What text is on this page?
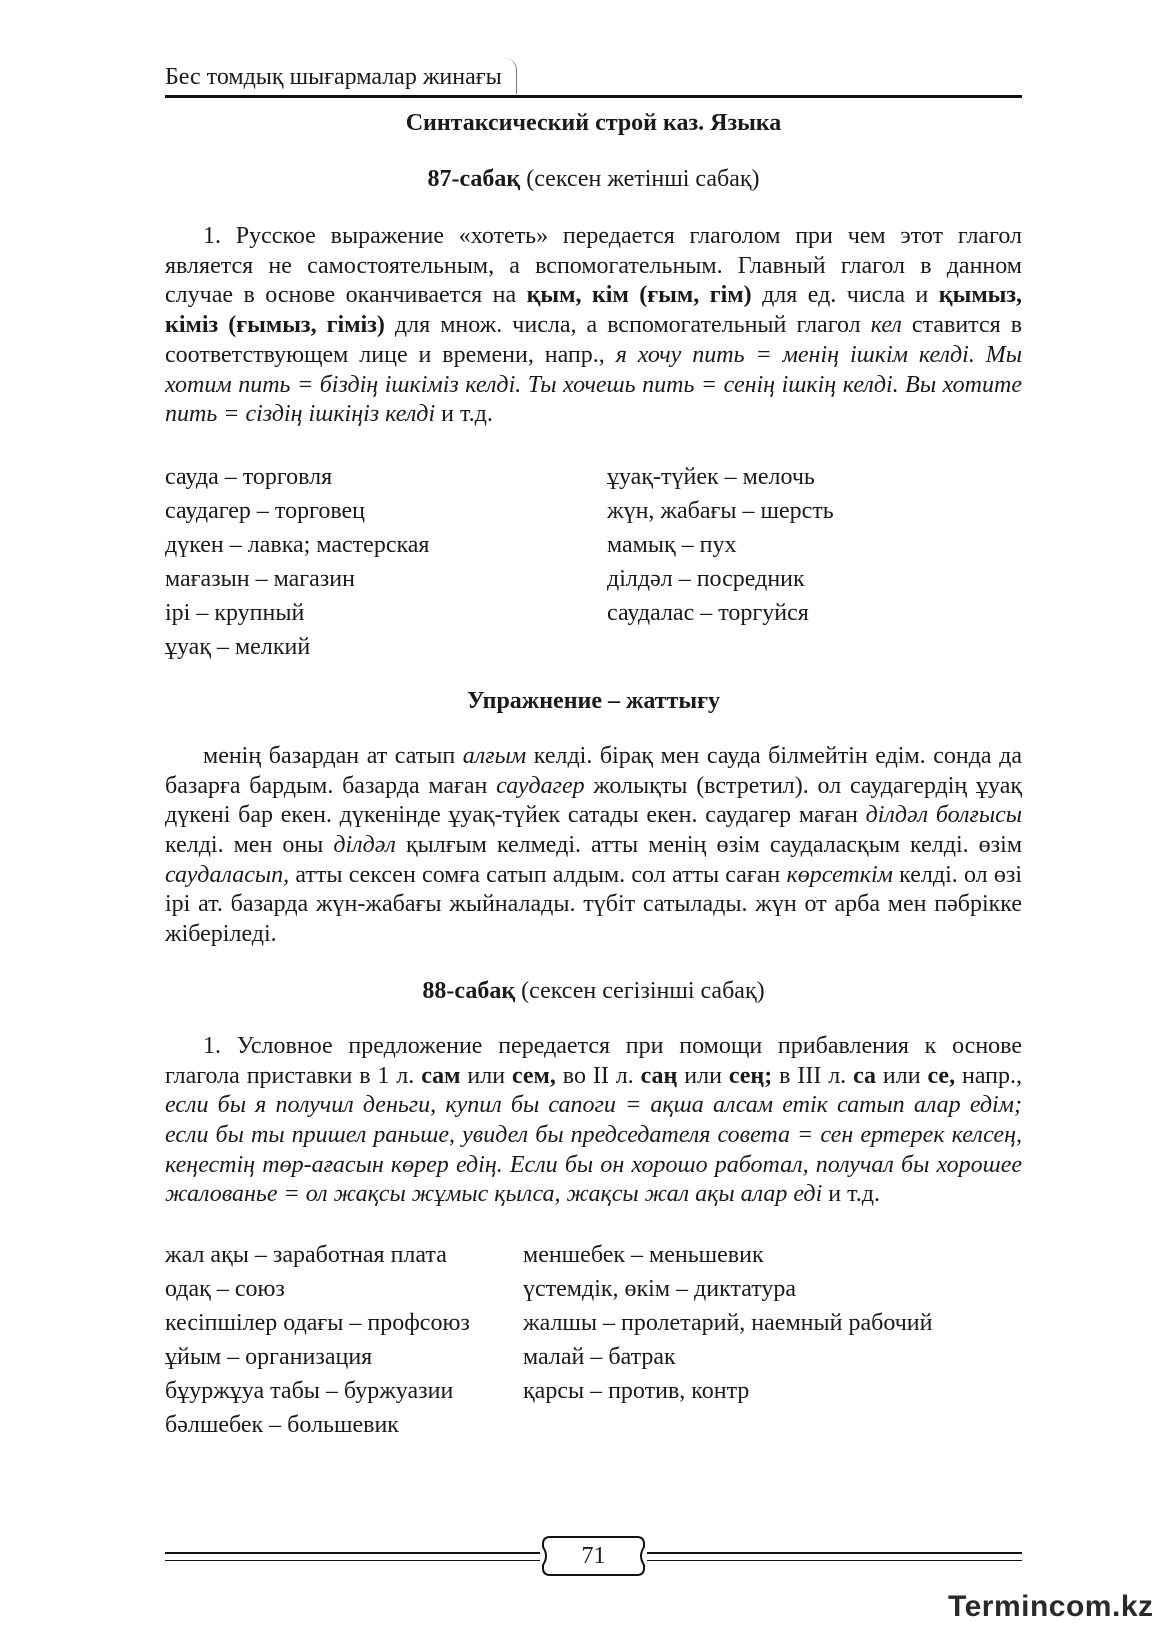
Бес томдық шығармалар жинағы

Синтаксический строй каз. Языка

87-сабақ (сексен жетінші сабақ)

1. Русское выражение «хотеть» передается глаголом при чем этот глагол является не самостоятельным, а вспомогательным. Главный глагол в данном случае в основе оканчивается на қым, кім (ғым, гім) для ед. числа и қымыз, кіміз (ғымыз, гіміз) для множ. числа, а вспомогательный глагол кел ставится в соответствующем лице и времени, напр., я хочу пить = менің ішкім келді. Мы хотим пить = біздің ішкіміз келді. Ты хочешь пить = сенің ішкің келді. Вы хотите пить = сіздің ішкіңіз келді и т.д.

сауда – торговля
саудагер – торговец
дүкен – лавка; мастерская
мағазын – магазин
ірі – крупный
ұуақ – мелкий
ұуақ-түйек – мелочь
жүн, жабағы – шерсть
мамық – пух
ділдәл – посредник
саудалас – торгуйся

Упражнение – жаттығу

менің базардан ат сатып алғым келді. бірақ мен сауда білмейтін едім. сонда да базарға бардым. базарда маған саудагер жолықты (встретил). ол саудагердің ұуақ дүкені бар екен. дүкенінде ұуақ-түйек сатады екен. саудагер маған ділдәл болғысы келді. мен оны ділдәл қылғым келмеді. атты менің өзім саудаласқым келді. өзім саудаласып, атты сексен сомға сатып алдым. сол атты саған көрсеткім келді. ол өзі ірі ат. базарда жүн-жабағы жыйналады. түбіт сатылады. жүн от арба мен пәбрікке жіберіледі.

88-сабақ (сексен сегізінші сабақ)

1. Условное предложение передается при помощи прибавления к основе глагола приставки в 1 л. сам или сем, во II л. саң или сең; в III л. са или се, напр., если бы я получил деньги, купил бы сапоги = ақша алсам етік сатып алар едім; если бы ты пришел раньше, увидел бы председателя совета = сен ертерек келсең, кеңестің төр-ағасын көрер едің. Если бы он хорошо работал, получал бы хорошее жалованье = ол жақсы жұмыс қылса, жақсы жал ақы алар еді и т.д.

жал ақы – заработная плата
одақ – союз
кесіпшілер одағы – профсоюз
ұйым – организация
бұуржұуа табы – буржуазии
бәлшебек – большевик
меншебек – меньшевик
үстемдік, өкім – диктатура
жалшы – пролетарий, наемный рабочий
малай – батрак
қарсы – против, контр
71
Termincom.kz
